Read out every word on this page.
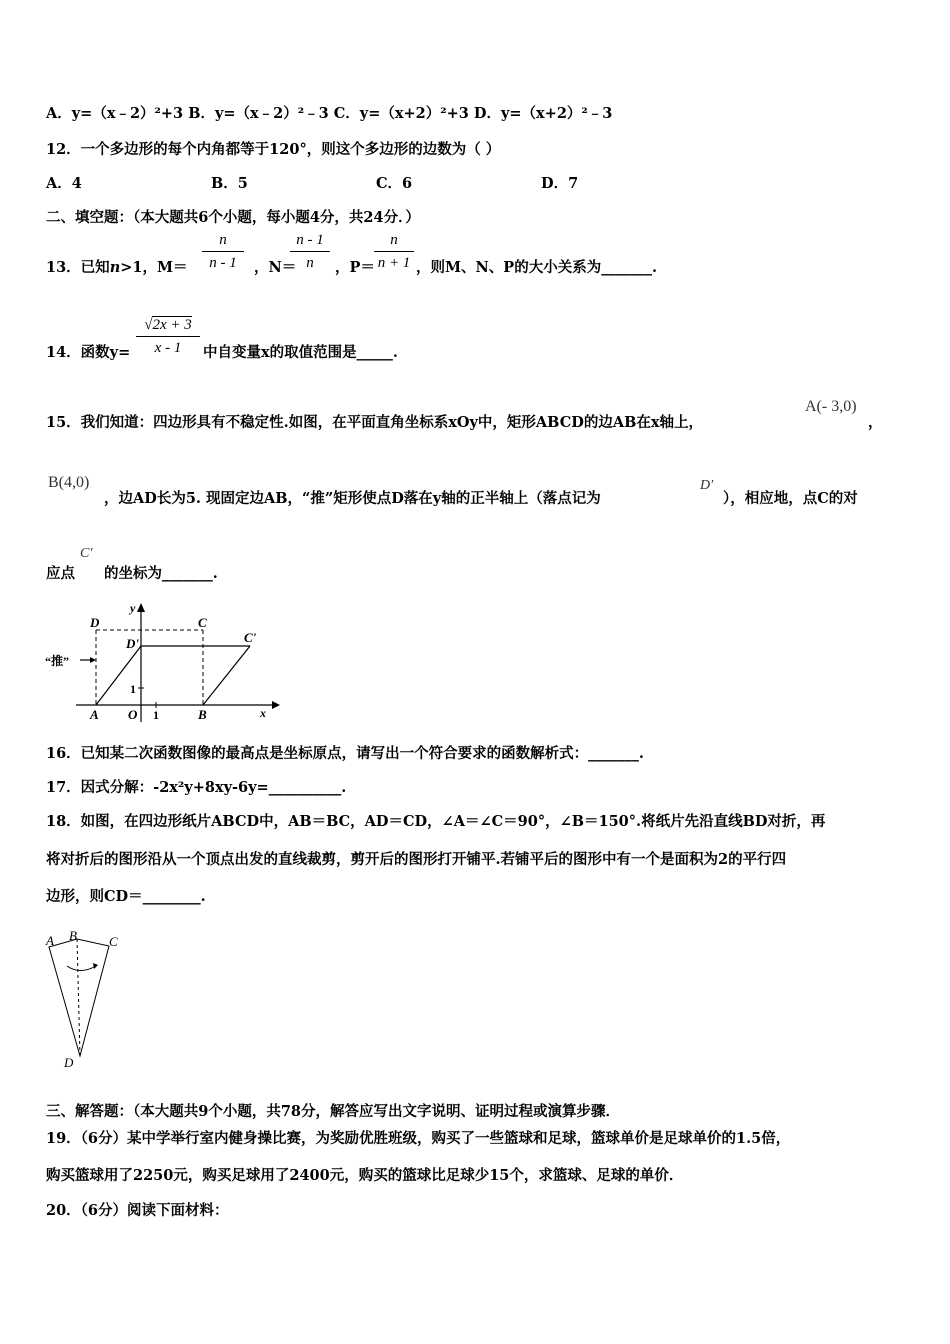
A．y=（x﹣2）²+3 B．y=（x﹣2）²﹣3 C．y=（x+2）²+3 D．y=（x+2）²﹣3
12．一个多边形的每个内角都等于120°，则这个多边形的边数为（ ）
A．4	B．5	C．6	D．7
二、填空题：（本大题共6个小题，每小题4分，共24分．）
13．已知n>1，M＝
n
n - 1	，N＝
n - 1
n	，P＝
n
n + 1 ，则M、N、P的大小关系为_______.
14．函数y=
√2x + 3
x - 1	中自变量x的取值范围是_____.
15．我们知道：四边形具有不稳定性.如图，在平面直角坐标系xOy中，矩形ABCD的边AB在x轴上，
A(- 3,0)
，
B(4,0)
，边AD长为5. 现固定边AB，“推”矩形使点D落在y轴的正半轴上（落点记为
D′
），相应地，点C的对
应点
C′
的坐标为_______.
D	C
C'
D'
y
“推”
1
A O 1	B	x
16．已知某二次函数图像的最高点是坐标原点，请写出一个符合要求的函数解析式：_______.
17．因式分解：-2x²y+8xy-6y=__________.
18．如图，在四边形纸片ABCD中，AB＝BC，AD＝CD，∠A＝∠C＝90°，∠B＝150°.将纸片先沿直线BD对折，再
将对折后的图形沿从一个顶点出发的直线裁剪，剪开后的图形打开铺平.若铺平后的图形中有一个是面积为2的平行四
边形，则CD＝________.
A B C
D
三、解答题：（本大题共9个小题，共78分，解答应写出文字说明、证明过程或演算步骤．
19．（6分）某中学举行室内健身操比赛，为奖励优胜班级，购买了一些篮球和足球，篮球单价是足球单价的1.5倍，
购买篮球用了2250元，购买足球用了2400元，购买的篮球比足球少15个，求篮球、足球的单价．
20．（6分）阅读下面材料：
